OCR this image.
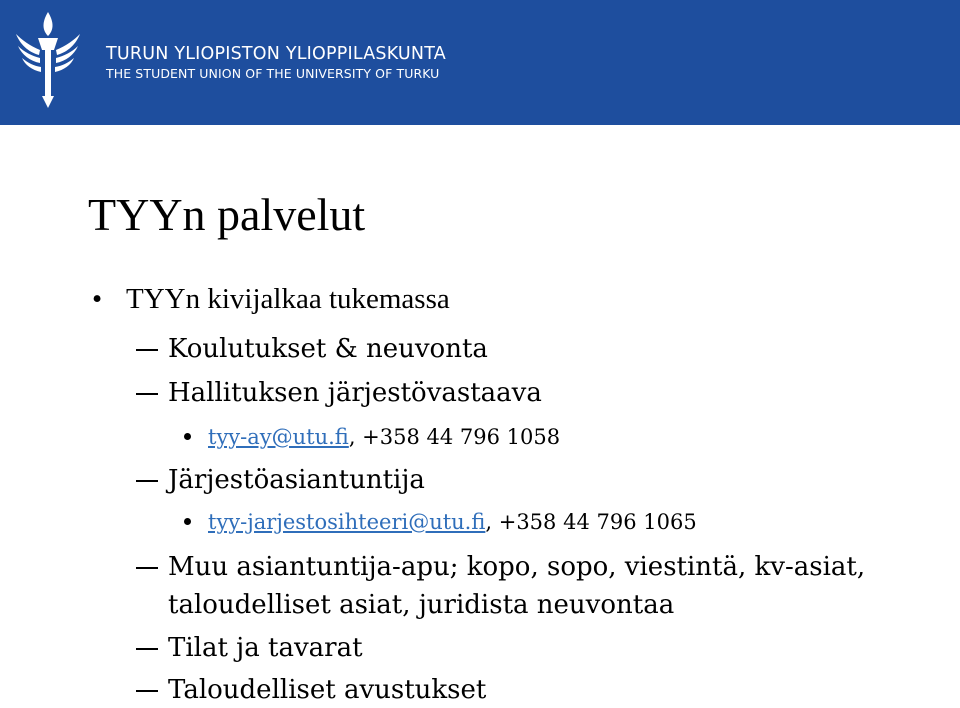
TURUN YLIOPISTON YLIOPPILASKUNTA
THE STUDENT UNION OF THE UNIVERSITY OF TURKU
TYYn palvelut
• TYYn kivijalkaa tukemassa
Koulutukset & neuvonta
Hallituksen järjestövastaava
tyy-ay@utu.fi, +358 44 796 1058
Järjestöasiantuntija
tyy-jarjestosihteeri@utu.fi, +358 44 796 1065
Muu asiantuntija-apu; kopo, sopo, viestintä, kv-asiat,
taloudelliset asiat, juridista neuvontaa
Tilat ja tavarat
Taloudelliset avustukset
